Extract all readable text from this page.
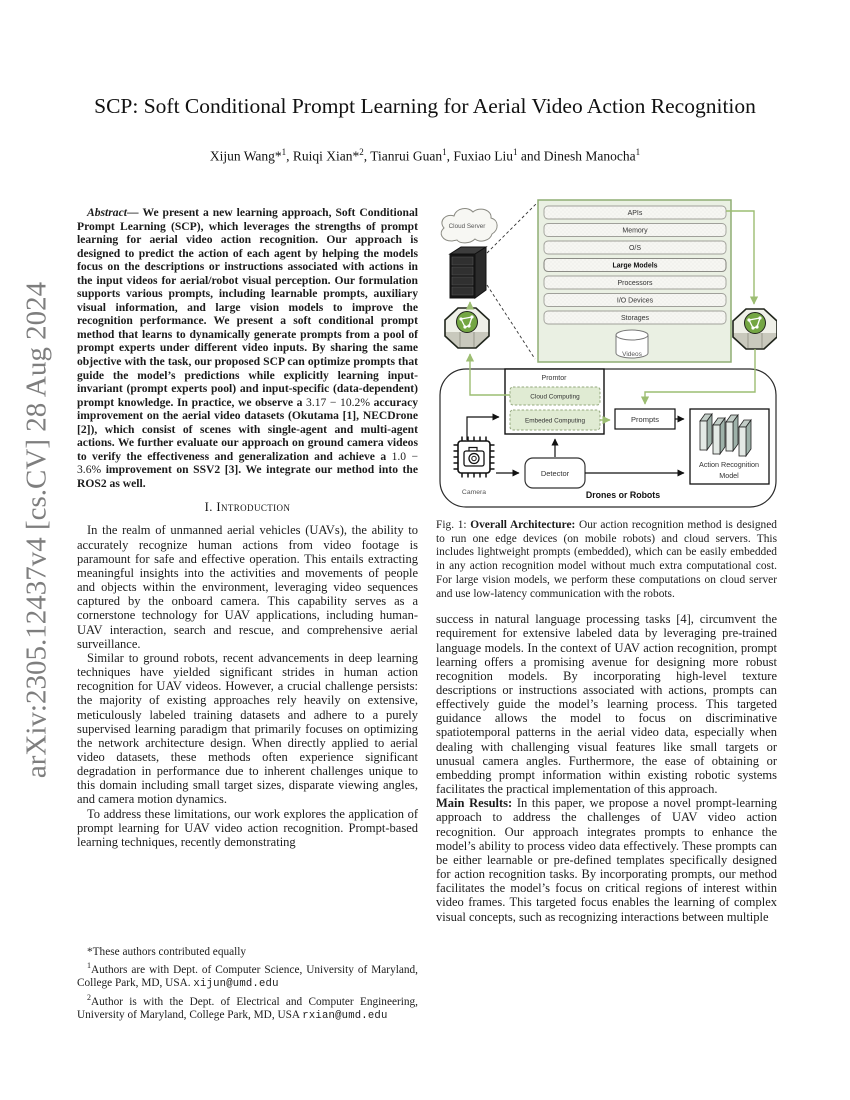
arXiv:2305.12437v4 [cs.CV] 28 Aug 2024
SCP: Soft Conditional Prompt Learning for Aerial Video Action Recognition
Xijun Wang*$^1$, Ruiqi Xian*$^2$, Tianrui Guan$^1$, Fuxiao Liu$^1$ and Dinesh Manocha$^1$

Abstract— We present a new learning approach, Soft Conditional Prompt Learning (SCP), which leverages the strengths of prompt learning for aerial video action recognition. Our approach is designed to predict the action of each agent by helping the models focus on the descriptions or instructions associated with actions in the input videos for aerial/robot visual perception. Our formulation supports various prompts, including learnable prompts, auxiliary visual information, and large vision models to improve the recognition performance. We present a soft conditional prompt method that learns to dynamically generate prompts from a pool of prompt experts under different video inputs. By sharing the same objective with the task, our proposed SCP can optimize prompts that guide the model’s predictions while explicitly learning input-invariant (prompt experts pool) and input-specific (data-dependent) prompt knowledge. In practice, we observe a 3.17 − 10.2% accuracy improvement on the aerial video datasets (Okutama [1], NECDrone [2]), which consist of scenes with single-agent and multi-agent actions. We further evaluate our approach on ground camera videos to verify the effectiveness and generalization and achieve a 1.0 − 3.6% improvement on SSV2 [3]. We integrate our method into the ROS2 as well.

I. Introduction

In the realm of unmanned aerial vehicles (UAVs), the ability to accurately recognize human actions from video footage is paramount for safe and effective operation. This entails extracting meaningful insights into the activities and movements of people and objects within the environment, leveraging video sequences captured by the onboard camera. This capability serves as a cornerstone technology for UAV applications, including human-UAV interaction, search and rescue, and comprehensive aerial surveillance.

Similar to ground robots, recent advancements in deep learning techniques have yielded significant strides in human action recognition for UAV videos. However, a crucial challenge persists: the majority of existing approaches rely heavily on extensive, meticulously labeled training datasets and adhere to a purely supervised learning paradigm that primarily focuses on optimizing the network architecture design. When directly applied to aerial video datasets, these methods often experience significant degradation in performance due to inherent challenges unique to this domain including small target sizes, disparate viewing angles, and camera motion dynamics.

To address these limitations, our work explores the application of prompt learning for UAV video action recognition. Prompt-based learning techniques, recently demonstrating

Cloud Server
APIs
Memory
O/S
Large Models
Processors
I/O Devices
Storages
Videos
Drones or Robots
Promtor
Cloud Computing
Embeded Computing	Prompts
Action Recognition
Model
Detector
Camera

Fig. 1: Overall Architecture: Our action recognition method is designed to run one edge devices (on mobile robots) and cloud servers. This includes lightweight prompts (embedded), which can be easily embedded in any action recognition model without much extra computational cost. For large vision models, we perform these computations on cloud server and use low-latency communication with the robots.

success in natural language processing tasks [4], circumvent the requirement for extensive labeled data by leveraging pre-trained language models. In the context of UAV action recognition, prompt learning offers a promising avenue for designing more robust recognition models. By incorporating high-level texture descriptions or instructions associated with actions, prompts can effectively guide the model’s learning process. This targeted guidance allows the model to focus on discriminative spatiotemporal patterns in the aerial video data, especially when dealing with challenging visual features like small targets or unusual camera angles. Furthermore, the ease of obtaining or embedding prompt information within existing robotic systems facilitates the practical implementation of this approach.

Main Results: In this paper, we propose a novel prompt-learning approach to address the challenges of UAV video action recognition. Our approach integrates prompts to enhance the model’s ability to process video data effectively. These prompts can be either learnable or pre-defined templates specifically designed for action recognition tasks. By incorporating prompts, our method facilitates the model’s focus on critical regions of interest within video frames. This targeted focus enables the learning of complex visual concepts, such as recognizing interactions between multiple

*These authors contributed equally

$^1$Authors are with Dept. of Computer Science, University of Maryland, College Park, MD, USA. xijun@umd.edu

$^2$Author is with the Dept. of Electrical and Computer Engineering, University of Maryland, College Park, MD, USA rxian@umd.edu
